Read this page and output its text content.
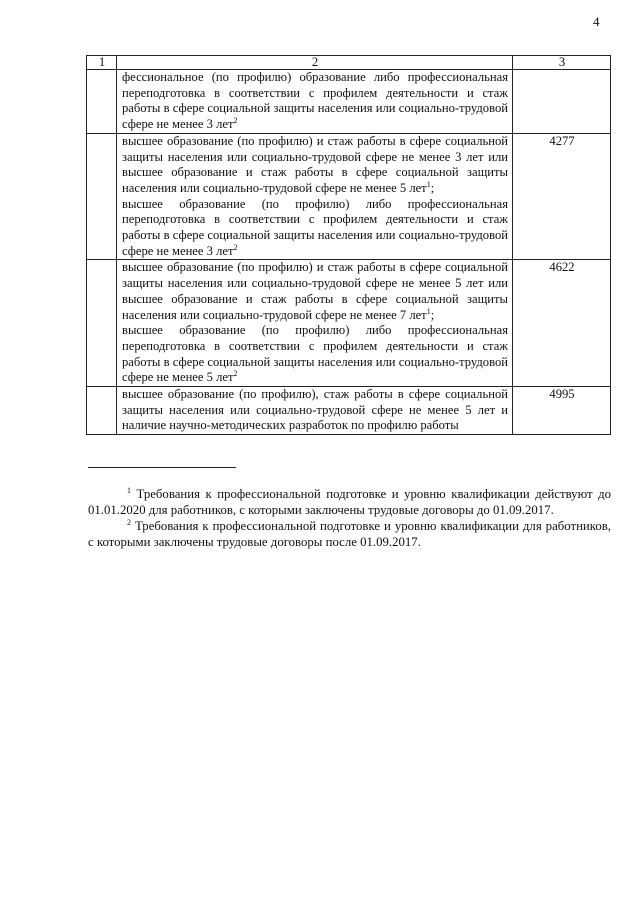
4
1	2	3

	фессиональное (по профилю) образование либо профессиональная переподготовка в соответствии с профилем деятельности и стаж работы в сфере социальной защиты населения или социально-трудовой сфере не менее 3 лет$^2$

	высшее образование (по профилю) и стаж работы в сфере социальной защиты населения или социально-трудовой сфере не менее 3 лет или высшее образование и стаж работы в сфере социальной защиты населения или социально-трудовой сфере не менее 5 лет$^1$;
высшее образование (по профилю) либо профессиональная переподготовка в соответствии с профилем деятельности и стаж работы в сфере социальной защиты населения или социально-трудовой сфере не менее 3 лет$^2$	4277

	высшее образование (по профилю) и стаж работы в сфере социальной защиты населения или социально-трудовой сфере не менее 5 лет или высшее образование и стаж работы в сфере социальной защиты населения или социально-трудовой сфере не менее 7 лет$^1$;
высшее образование (по профилю) либо профессиональная переподготовка в соответствии с профилем деятельности и стаж работы в сфере социальной защиты населения или социально-трудовой сфере не менее 5 лет$^2$	4622

	высшее образование (по профилю), стаж работы в сфере социальной защиты населения или социально-трудовой сфере не менее 5 лет и наличие научно-методических разработок по профилю работы	4995

$^1$ Требования к профессиональной подготовке и уровню квалификации действуют до 01.01.2020 для работников, с которыми заключены трудовые договоры до 01.09.2017.

$^2$ Требования к профессиональной подготовке и уровню квалификации для работников, с которыми заключены трудовые договоры после 01.09.2017.
